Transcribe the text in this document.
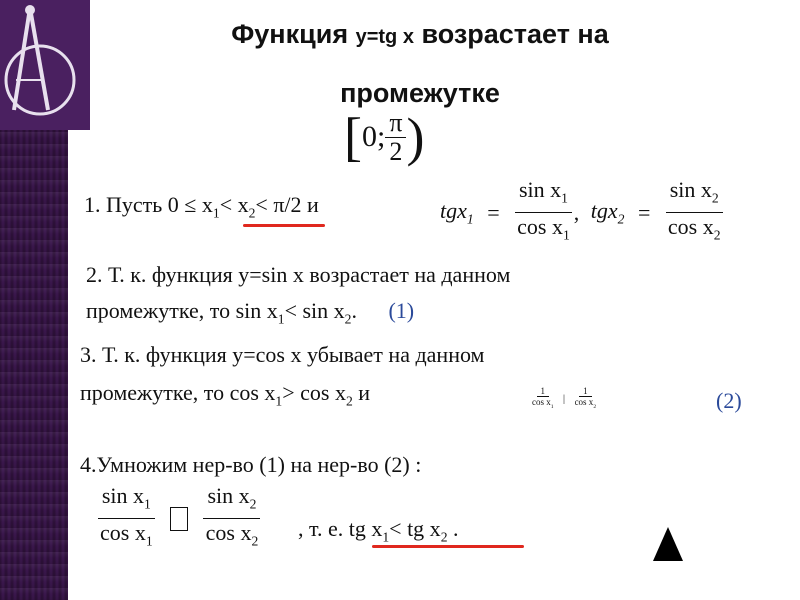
Функция y=tg x возрастает на
промежутке
[0; $\frac{\pi}{2}$ )
1. Пусть $0 \le x_1< x_2< \pi/2$ и	$tgx_1 = \frac{\sin x_1}{\cos x_1}$ , $tgx_2 = \frac{\sin x_2}{\cos x_2}$
2. Т. к. функция y=sin x возрастает на данном
промежутке, то $\sin x_1< \sin x_2$. (1)
3. Т. к. функция y=cos x убывает на данном
промежутке, то $\cos x_1> \cos x_2$ и	$\frac{1}{\cos x_1}$ | $\frac{1}{\cos x_2}$	(2)
4.Умножим нер-во (1) на нер-во (2) :
$\frac{\sin x_1}{\cos x_1}$
$\frac{\sin x_2}{\cos x_2}$ , т. е. tg $x_1<$ tg $x_2$ .
